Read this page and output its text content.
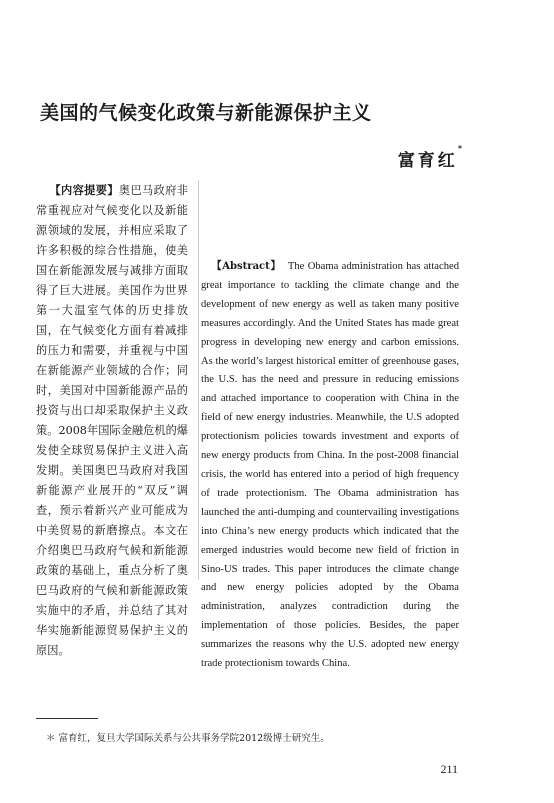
美国的气候变化政策与新能源保护主义
富育红*
【内容提要】奥巴马政府非常重视应对气候变化以及新能源领域的发展，并相应采取了许多积极的综合性措施，使美国在新能源发展与减排方面取得了巨大进展。美国作为世界第一大温室气体的历史排放国，在气候变化方面有着减排的压力和需要，并重视与中国在新能源产业领域的合作；同时，美国对中国新能源产品的投资与出口却采取保护主义政策。2008年国际金融危机的爆发使全球贸易保护主义进入高发期。美国奥巴马政府对我国新能源产业展开的“双反”调查，预示着新兴产业可能成为中美贸易的新磨擦点。本文在介绍奥巴马政府气候和新能源政策的基础上，重点分析了奥巴马政府的气候和新能源政策实施中的矛盾，并总结了其对华实施新能源贸易保护主义的原因。
【Abstract】 The Obama administration has attached great importance to tackling the climate change and the development of new energy as well as taken many positive measures accordingly. And the United States has made great progress in developing new energy and carbon emissions. As the world’s largest historical emitter of greenhouse gases, the U.S. has the need and pressure in reducing emissions and attached importance to cooperation with China in the field of new energy industries. Meanwhile, the U.S adopted protectionism policies towards investment and exports of new energy products from China. In the post-2008 financial crisis, the world has entered into a period of high frequency of trade protectionism. The Obama administration has launched the anti-dumping and countervailing investigations into China’s new energy products which indicated that the emerged industries would become new field of friction in Sino-US trades. This paper introduces the climate change and new energy policies adopted by the Obama administration, analyzes contradiction during the implementation of those policies. Besides, the paper summarizes the reasons why the U.S. adopted new energy trade protectionism towards China.
＊ 富育红，复旦大学国际关系与公共事务学院2012级博士研究生。
211
